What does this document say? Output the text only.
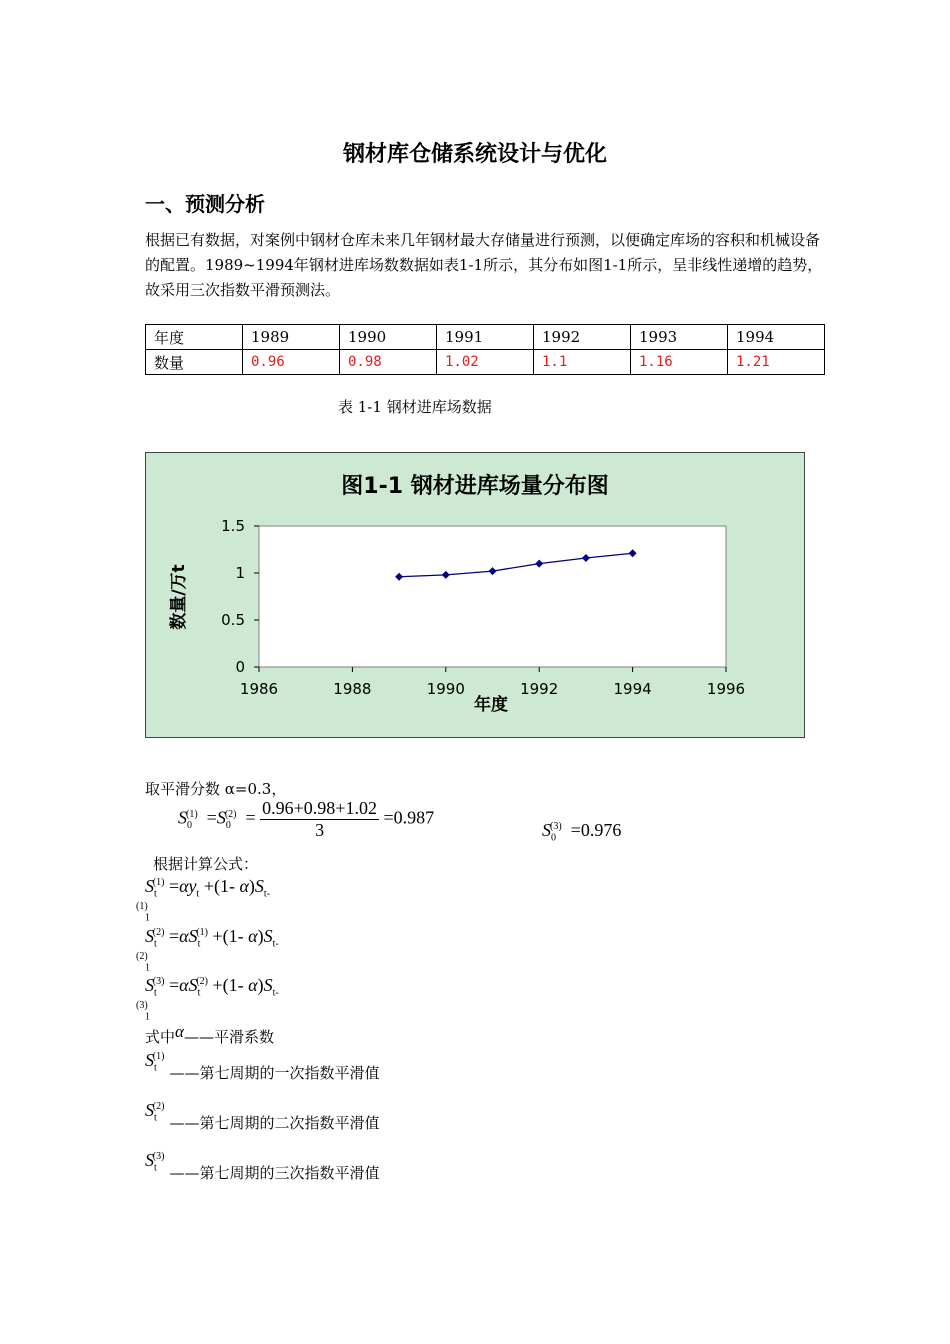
钢材库仓储系统设计与优化
一、预测分析
根据已有数据，对案例中钢材仓库未来几年钢材最大存储量进行预测，以便确定库场的容积和机械设备的配置。1989~1994年钢材进库场数数据如表1-1所示，其分布如图1-1所示，呈非线性递增的趋势，故采用三次指数平滑预测法。
年度	1989	1990	1991	1992	1993	1994
数量	0.96	0.98	1.02	1.1	1.16	1.21
表 1-1 钢材进库场数据
图1-1 钢材进库场量分布图
1986	1988	1990	1992	1994	1996
0
0.5
1
1.5
年度
数量/万t
取平滑分数 α=0.3，
$S_0^{(1)} =S_0^{(2)} = \frac{0.96+0.98+1.02}{3} =0.987$
$S_0^{(3)} =0.976$
根据计算公式：
$S_t^{(1)} =\alpha y_t +(1-$ $\alpha)S_{t-1}^{(1)}$
$S_t^{(2)} =\alpha S_t^{(1)} +(1-$ $\alpha)S_{t-1}^{(2)}$
$S_t^{(3)} =\alpha S_t^{(2)} +(1-$ $\alpha)S_{t-1}^{(3)}$
式中α——平滑系数
$S_t^{(1)}$ ——第七周期的一次指数平滑值
$S_t^{(2)}$ ——第七周期的二次指数平滑值
$S_t^{(3)}$ ——第七周期的三次指数平滑值
